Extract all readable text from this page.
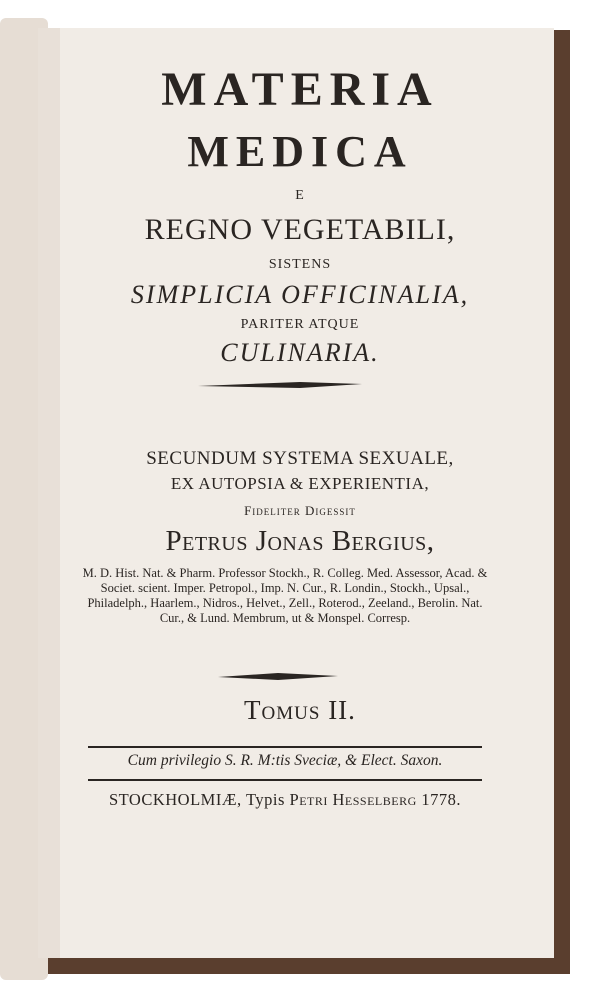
MATERIA
MEDICA
E
REGNO VEGETABILI,
SISTENS
SIMPLICIA OFFICINALIA,
PARITER ATQUE
CULINARIA.
SECUNDUM SYSTEMA SEXUALE,
EX AUTOPSIA & EXPERIENTIA,
Fideliter Digessit
Petrus Jonas Bergius,
M. D. Hist. Nat. & Pharm. Professor Stockh., R. Colleg. Med. Assessor, Acad. & Societ. scient. Imper. Petropol., Imp. N. Cur., R. Londin., Stockh., Upsal., Philadelph., Haarlem., Nidros., Helvet., Zell., Roterod., Zeeland., Berolin. Nat. Cur., & Lund. Membrum, ut & Monspel. Corresp.
Tomus II.
Cum privilegio S. R. M:tis Sveciæ, & Elect. Saxon.
STOCKHOLMIÆ, Typis Petri Hesselberg 1778.
